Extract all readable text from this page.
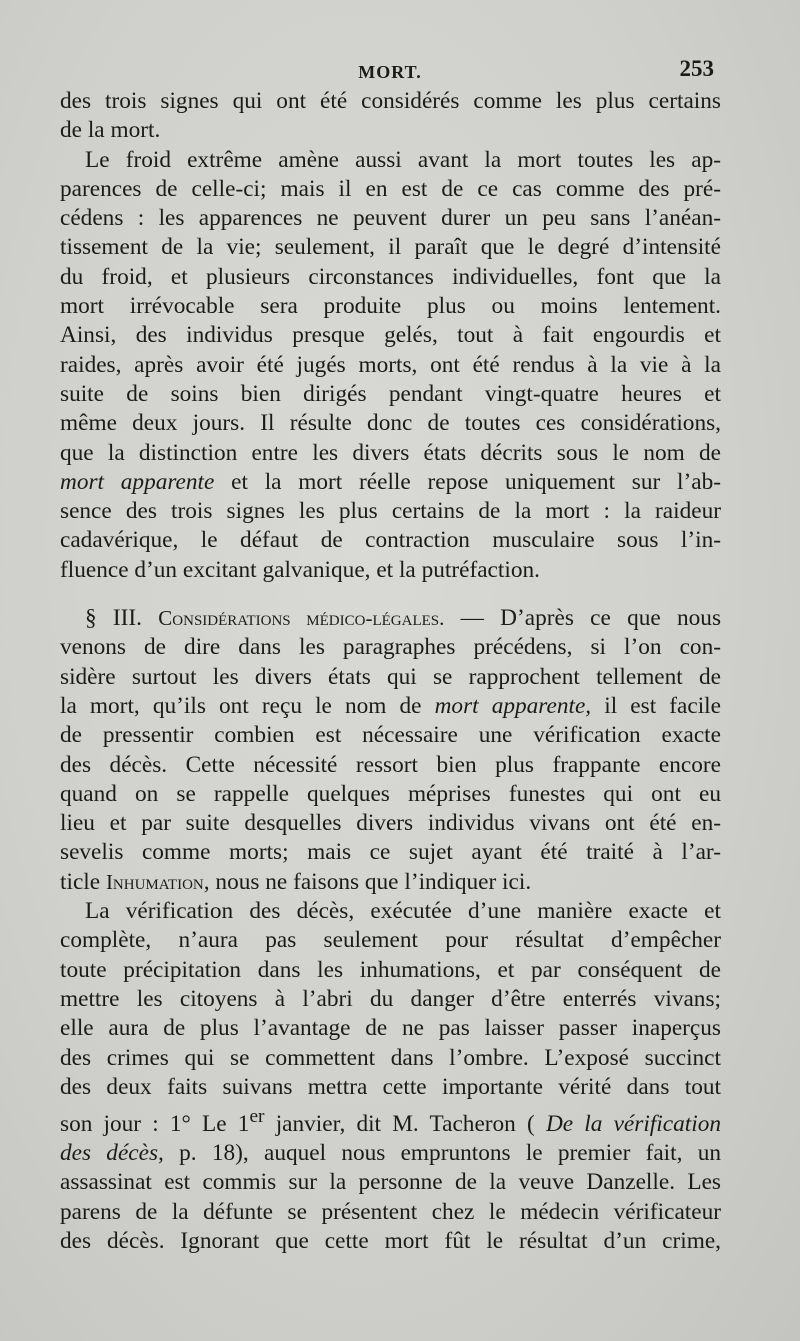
MORT.	253

des trois signes qui ont été considérés comme les plus certains

de la mort.

Le froid extrême amène aussi avant la mort toutes les ap-

parences de celle-ci; mais il en est de ce cas comme des pré-

cédens : les apparences ne peuvent durer un peu sans l’anéan-

tissement de la vie; seulement, il paraît que le degré d’intensité

du froid, et plusieurs circonstances individuelles, font que la

mort irrévocable sera produite plus ou moins lentement.

Ainsi, des individus presque gelés, tout à fait engourdis et

raides, après avoir été jugés morts, ont été rendus à la vie à la

suite de soins bien dirigés pendant vingt-quatre heures et

même deux jours. Il résulte donc de toutes ces considérations,

que la distinction entre les divers états décrits sous le nom de

mort apparente et la mort réelle repose uniquement sur l’ab-

sence des trois signes les plus certains de la mort : la raideur

cadavérique, le défaut de contraction musculaire sous l’in-

fluence d’un excitant galvanique, et la putréfaction.

§ III. Considérations médico-légales. — D’après ce que nous

venons de dire dans les paragraphes précédens, si l’on con-

sidère surtout les divers états qui se rapprochent tellement de

la mort, qu’ils ont reçu le nom de mort apparente, il est facile

de pressentir combien est nécessaire une vérification exacte

des décès. Cette nécessité ressort bien plus frappante encore

quand on se rappelle quelques méprises funestes qui ont eu

lieu et par suite desquelles divers individus vivans ont été en-

sevelis comme morts; mais ce sujet ayant été traité à l’ar-

ticle Inhumation, nous ne faisons que l’indiquer ici.

La vérification des décès, exécutée d’une manière exacte et

complète, n’aura pas seulement pour résultat d’empêcher

toute précipitation dans les inhumations, et par conséquent de

mettre les citoyens à l’abri du danger d’être enterrés vivans;

elle aura de plus l’avantage de ne pas laisser passer inaperçus

des crimes qui se commettent dans l’ombre. L’exposé succinct

des deux faits suivans mettra cette importante vérité dans tout

son jour : 1° Le 1er janvier, dit M. Tacheron ( De la vérification

des décès, p. 18), auquel nous empruntons le premier fait, un

assassinat est commis sur la personne de la veuve Danzelle. Les

parens de la défunte se présentent chez le médecin vérificateur

des décès. Ignorant que cette mort fût le résultat d’un crime,
